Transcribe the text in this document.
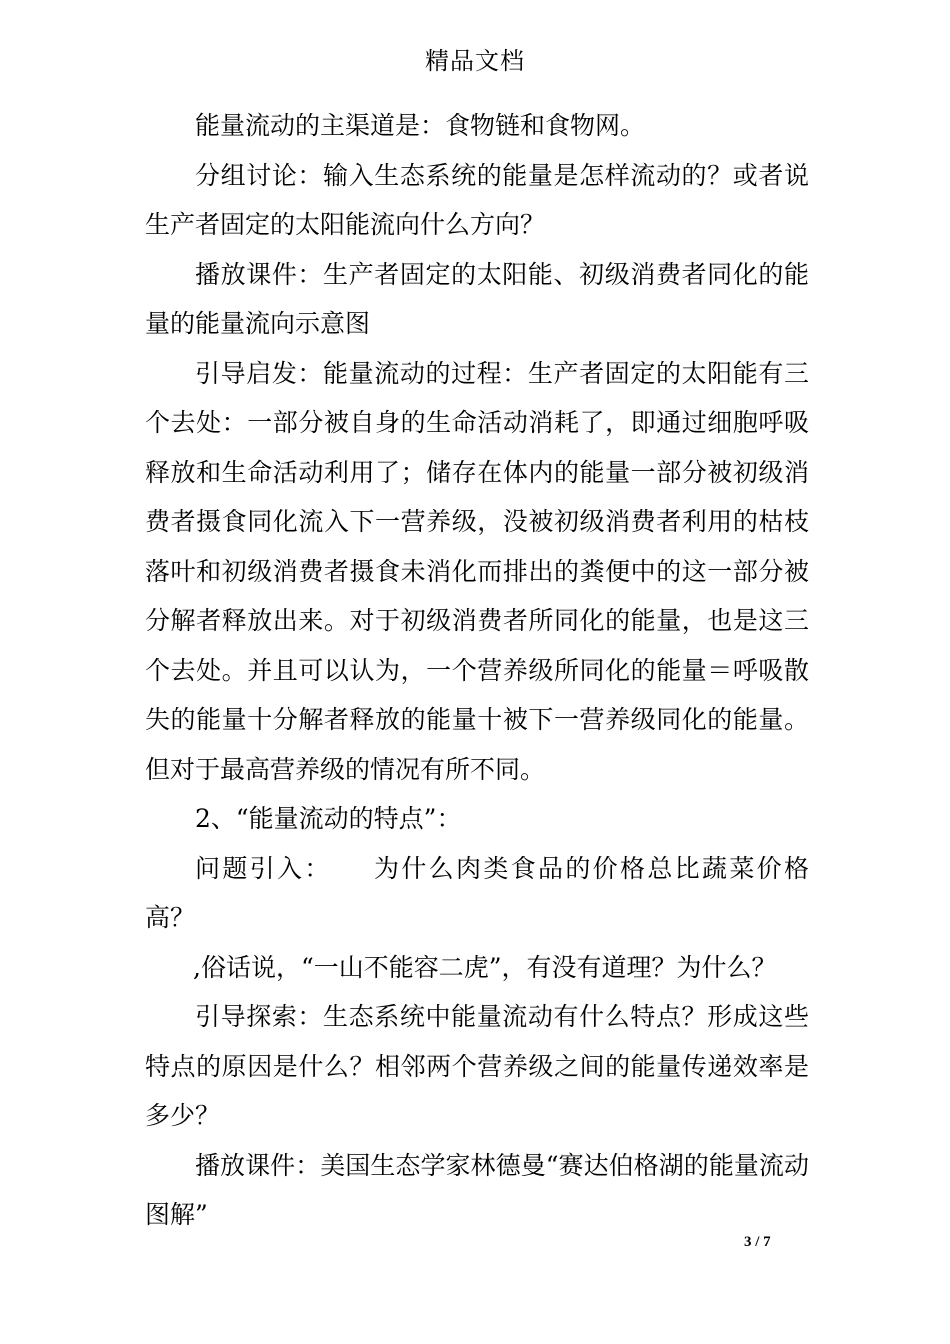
精品文档

能量流动的主渠道是：食物链和食物网。

分组讨论：输入生态系统的能量是怎样流动的？或者说生产者固定的太阳能流向什么方向？

播放课件：生产者固定的太阳能、初级消费者同化的能量的能量流向示意图

引导启发：能量流动的过程：生产者固定的太阳能有三个去处：一部分被自身的生命活动消耗了，即通过细胞呼吸释放和生命活动利用了；储存在体内的能量一部分被初级消费者摄食同化流入下一营养级，没被初级消费者利用的枯枝落叶和初级消费者摄食未消化而排出的粪便中的这一部分被分解者释放出来。对于初级消费者所同化的能量，也是这三个去处。并且可以认为，一个营养级所同化的能量＝呼吸散失的能量十分解者释放的能量十被下一营养级同化的能量。但对于最高营养级的情况有所不同。

2、“能量流动的特点”：

问题引入： 为什么肉类食品的价格总比蔬菜价格高？

,俗话说，“一山不能容二虎”，有没有道理？为什么？

引导探索：生态系统中能量流动有什么特点？形成这些特点的原因是什么？相邻两个营养级之间的能量传递效率是多少？

播放课件：美国生态学家林德曼“赛达伯格湖的能量流动图解”

3 / 7
